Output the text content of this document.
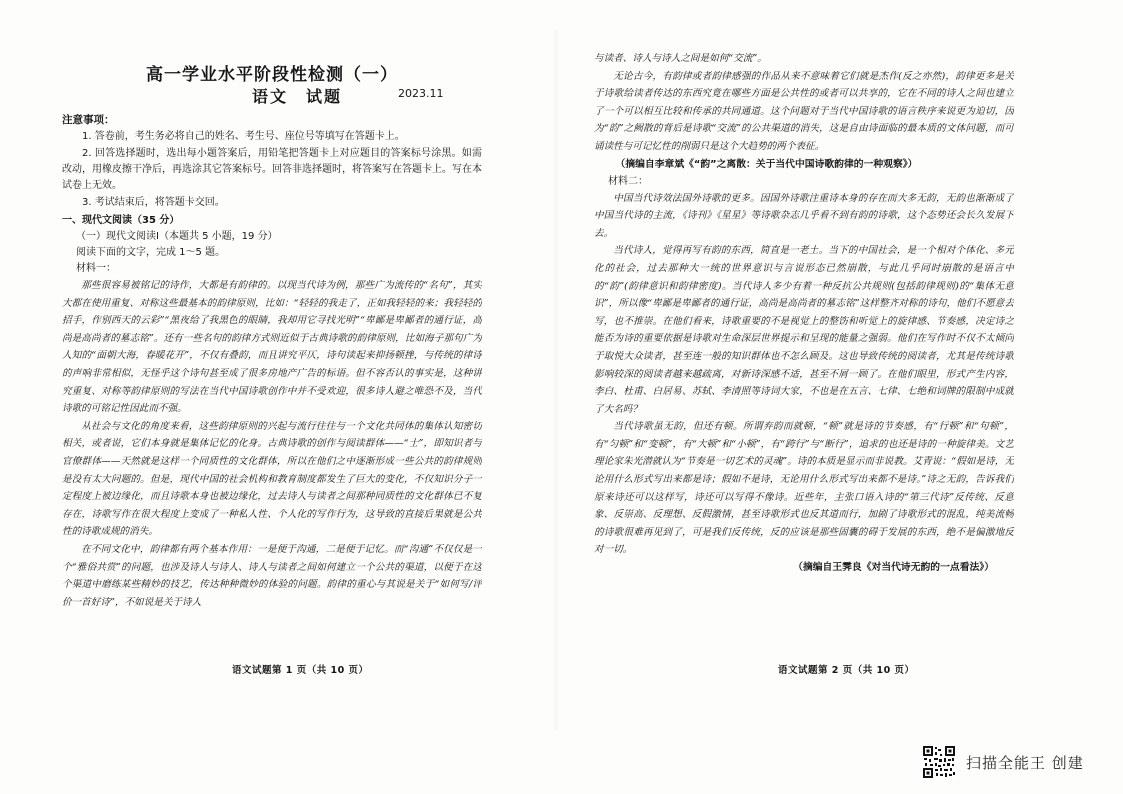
高一学业水平阶段性检测（一）
语文　试题	2023.11
注意事项：
1. 答卷前，考生务必将自己的姓名、考生号、座位号等填写在答题卡上。
2. 回答选择题时，选出每小题答案后，用铅笔把答题卡上对应题目的答案标号涂黑。如需改动，用橡皮擦干净后，再选涂其它答案标号。回答非选择题时，将答案写在答题卡上。写在本试卷上无效。
3. 考试结束后，将答题卡交回。
一、现代文阅读（35 分）
（一）现代文阅读Ⅰ（本题共 5 小题，19 分）
阅读下面的文字，完成 1～5 题。
材料一：

那些很容易被铭记的诗作，大都是有韵律的。以现当代诗为例，那些广为流传的“名句”，其实大都在使用重复、对称这些最基本的韵律原则，比如：“轻轻的我走了，正如我轻轻的来；我轻轻的招手，作别西天的云彩”“黑夜给了我黑色的眼睛，我却用它寻找光明”“卑鄙是卑鄙者的通行证，高尚是高尚者的墓志铭”。还有一些名句的韵律方式则近似于古典诗歌的韵律原则，比如海子那句广为人知的“面朝大海，春暖花开”，不仅有叠韵，而且讲究平仄，诗句读起来抑扬顿挫，与传统的律诗的声响非常相似，无怪乎这个诗句甚至成了很多房地产广告的标语。但不容否认的事实是，这种讲究重复、对称等韵律原则的写法在当代中国诗歌创作中并不受欢迎，很多诗人避之唯恐不及，当代诗歌的可铭记性因此而不强。

从社会与文化的角度来看，这些韵律原则的兴起与流行往往与一个文化共同体的集体认知密切相关，或者说，它们本身就是集体记忆的化身。古典诗歌的创作与阅读群体——“士”，即知识者与官僚群体——天然就是这样一个同质性的文化群体，所以在他们之中逐渐形成一些公共的韵律规则是没有太大问题的。但是，现代中国的社会机构和教育制度都发生了巨大的变化，不仅知识分子一定程度上被边缘化，而且诗歌本身也被边缘化，过去诗人与读者之间那种同质性的文化群体已不复存在，诗歌写作在很大程度上变成了一种私人性、个人化的写作行为，这导致的直接后果就是公共性的诗歌成规的消失。

在不同文化中，韵律都有两个基本作用：一是便于沟通，二是便于记忆。而“沟通”不仅仅是一个“雅俗共赏”的问题，也涉及诗人与诗人、诗人与读者之间如何建立一个公共的渠道，以便于在这个渠道中磨练某些精妙的技艺，传达种种微妙的体验的问题。韵律的重心与其说是关于“如何写/评价一首好诗”，不如说是关于诗人

语文试题第 1 页（共 10 页）

与读者、诗人与诗人之间是如何“交流”。

无论古今，有韵律或者韵律感强的作品从来不意味着它们就是杰作(反之亦然)，韵律更多是关于诗歌给读者传达的东西究竟在哪些方面是公共性的或者可以共享的，它在不同的诗人之间也建立了一个可以相互比较和传承的共同通道。这个问题对于当代中国诗歌的语言秩序来说更为迫切，因为“韵”之阙散的背后是诗歌“交流”的公共渠道的消失，这是自由诗面临的最本质的文体问题，而可诵读性与可记忆性的削弱只是这个大趋势的两个表征。

（摘编自李章斌《“韵”之离散：关于当代中国诗歌韵律的一种观察》）
材料二：

中国当代诗效法国外诗歌的更多。因国外诗歌注重诗本身的存在而大多无韵，无韵也渐渐成了中国当代诗的主流，《诗刊》《星星》等诗歌杂志几乎看不到有韵的诗歌，这个态势还会长久发展下去。

当代诗人，觉得再写有韵的东西，简直是一老土。当下的中国社会，是一个相对个体化、多元化的社会，过去那种大一统的世界意识与言说形态已然崩散，与此几乎同时崩散的是语言中的“韵”(韵律意识和韵律密度)。当代诗人多少有着一种反抗公共规则(包括韵律规则)的“集体无意识”，所以像“卑鄙是卑鄙者的通行证，高尚是高尚者的墓志铭”这样整齐对称的诗句，他们不愿意去写，也不推崇。在他们看来，诗歌重要的不是视觉上的整饬和听觉上的旋律感、节奏感，决定诗之能否为诗的重要依据是诗歌对生命深层世界提示和呈现的能量之强弱。他们在写作时不仅不太倾向于取悦大众读者，甚至连一般的知识群体也不怎么顾及。这也导致传统的阅读者，尤其是传统诗歌影响较深的阅读者越来越疏离，对新诗深感不适，甚至不屑一顾了。在他们眼里，形式产生内容，李白、杜甫、白居易、苏轼、李清照等诗词大家，不也是在五言、七律、七绝和词牌的限制中成就了大名吗？

当代诗歌虽无韵，但还有顿。所谓弃韵而就顿，“顿”就是诗的节奏感，有“行顿”和“句顿”，有“匀顿”和“变顿”，有“大顿”和“小顿”，有“跨行”与“断行”，追求的也还是诗的一种旋律美。文艺理论家朱光潜就认为“节奏是一切艺术的灵魂”。诗的本质是显示而非说教。艾青说：“假如是诗，无论用什么形式写出来都是诗；假如不是诗，无论用什么形式写出来都不是诗。”诗之无韵，告诉我们原来诗还可以这样写，诗还可以写得不像诗。近些年，主张口语入诗的“第三代诗”反传统、反意象、反崇高、反理想、反假激情，甚至诗歌形式也反其道而行，加剧了诗歌形式的混乱，纯美流畅的诗歌很难再见到了，可是我们反传统，反的应该是那些固囊的碍于发展的东西，绝不是偏激地反对一切。

（摘编自王霁良《对当代诗无韵的一点看法》）
语文试题第 2 页（共 10 页）
扫描全能王 创建
